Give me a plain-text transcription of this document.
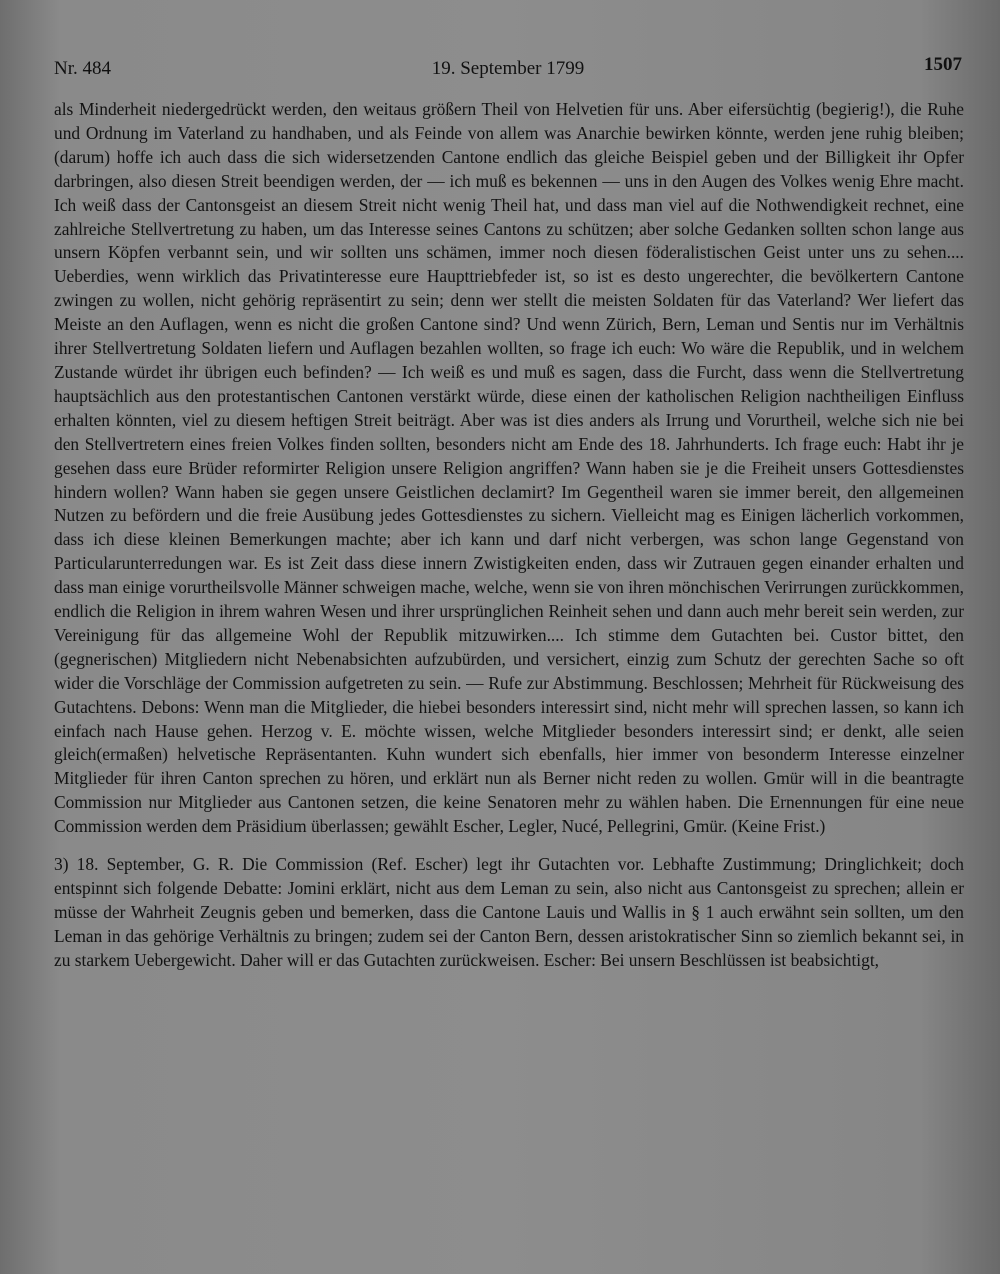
Nr. 484	19. September 1799	1507
als Minderheit niedergedrückt werden, den weitaus größern Theil von Helvetien für uns. Aber eifersüchtig (begierig!), die Ruhe und Ordnung im Vaterland zu handhaben, und als Feinde von allem was Anarchie bewirken könnte, werden jene ruhig bleiben; (darum) hoffe ich auch dass die sich widersetzenden Cantone endlich das gleiche Beispiel geben und der Billigkeit ihr Opfer darbringen, also diesen Streit beendigen werden, der — ich muß es bekennen — uns in den Augen des Volkes wenig Ehre macht. Ich weiß dass der Cantonsgeist an diesem Streit nicht wenig Theil hat, und dass man viel auf die Nothwendigkeit rechnet, eine zahlreiche Stellvertretung zu haben, um das Interesse seines Cantons zu schützen; aber solche Gedanken sollten schon lange aus unsern Köpfen verbannt sein, und wir sollten uns schämen, immer noch diesen föderalistischen Geist unter uns zu sehen.... Ueberdies, wenn wirklich das Privatinteresse eure Haupttriebfeder ist, so ist es desto ungerechter, die bevölkertern Cantone zwingen zu wollen, nicht gehörig repräsentirt zu sein; denn wer stellt die meisten Soldaten für das Vaterland? Wer liefert das Meiste an den Auflagen, wenn es nicht die großen Cantone sind? Und wenn Zürich, Bern, Leman und Sentis nur im Verhältnis ihrer Stellvertretung Soldaten liefern und Auflagen bezahlen wollten, so frage ich euch: Wo wäre die Republik, und in welchem Zustande würdet ihr übrigen euch befinden? — Ich weiß es und muß es sagen, dass die Furcht, dass wenn die Stellvertretung hauptsächlich aus den protestantischen Cantonen verstärkt würde, diese einen der katholischen Religion nachtheiligen Einfluss erhalten könnten, viel zu diesem heftigen Streit beiträgt. Aber was ist dies anders als Irrung und Vorurtheil, welche sich nie bei den Stellvertretern eines freien Volkes finden sollten, besonders nicht am Ende des 18. Jahrhunderts. Ich frage euch: Habt ihr je gesehen dass eure Brüder reformirter Religion unsere Religion angriffen? Wann haben sie je die Freiheit unsers Gottesdienstes hindern wollen? Wann haben sie gegen unsere Geistlichen declamirt? Im Gegentheil waren sie immer bereit, den allgemeinen Nutzen zu befördern und die freie Ausübung jedes Gottesdienstes zu sichern. Vielleicht mag es Einigen lächerlich vorkommen, dass ich diese kleinen Bemerkungen machte; aber ich kann und darf nicht verbergen, was schon lange Gegenstand von Particularunterredungen war. Es ist Zeit dass diese innern Zwistigkeiten enden, dass wir Zutrauen gegen einander erhalten und dass man einige vorurtheilsvolle Männer schweigen mache, welche, wenn sie von ihren mönchischen Verirrungen zurückkommen, endlich die Religion in ihrem wahren Wesen und ihrer ursprünglichen Reinheit sehen und dann auch mehr bereit sein werden, zur Vereinigung für das allgemeine Wohl der Republik mitzuwirken.... Ich stimme dem Gutachten bei. Custor bittet, den (gegnerischen) Mitgliedern nicht Nebenabsichten aufzubürden, und versichert, einzig zum Schutz der gerechten Sache so oft wider die Vorschläge der Commission aufgetreten zu sein. — Rufe zur Abstimmung. Beschlossen; Mehrheit für Rückweisung des Gutachtens. Debons: Wenn man die Mitglieder, die hiebei besonders interessirt sind, nicht mehr will sprechen lassen, so kann ich einfach nach Hause gehen. Herzog v. E. möchte wissen, welche Mitglieder besonders interessirt sind; er denkt, alle seien gleich(ermaßen) helvetische Repräsentanten. Kuhn wundert sich ebenfalls, hier immer von besonderm Interesse einzelner Mitglieder für ihren Canton sprechen zu hören, und erklärt nun als Berner nicht reden zu wollen. Gmür will in die beantragte Commission nur Mitglieder aus Cantonen setzen, die keine Senatoren mehr zu wählen haben. Die Ernennungen für eine neue Commission werden dem Präsidium überlassen; gewählt Escher, Legler, Nucé, Pellegrini, Gmür. (Keine Frist.)
3) 18. September, G. R. Die Commission (Ref. Escher) legt ihr Gutachten vor. Lebhafte Zustimmung; Dringlichkeit; doch entspinnt sich folgende Debatte: Jomini erklärt, nicht aus dem Leman zu sein, also nicht aus Cantonsgeist zu sprechen; allein er müsse der Wahrheit Zeugnis geben und bemerken, dass die Cantone Lauis und Wallis in § 1 auch erwähnt sein sollten, um den Leman in das gehörige Verhältnis zu bringen; zudem sei der Canton Bern, dessen aristokratischer Sinn so ziemlich bekannt sei, in zu starkem Uebergewicht. Daher will er das Gutachten zurückweisen. Escher: Bei unsern Beschlüssen ist beabsichtigt,
